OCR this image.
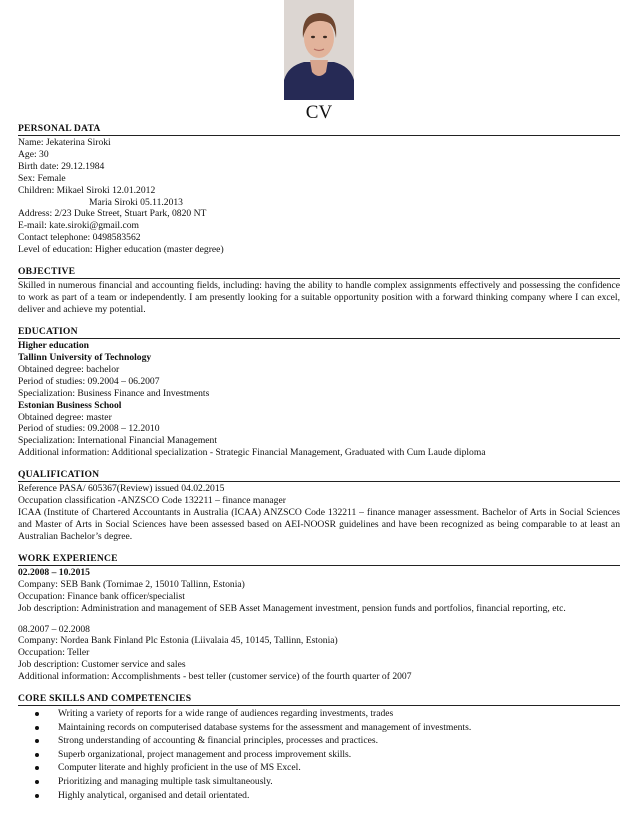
CV
PERSONAL DATA
Name: Jekaterina Siroki
Age: 30
Birth date: 29.12.1984
Sex: Female
Children: Mikael Siroki 12.01.2012
Maria Siroki 05.11.2013
Address: 2/23 Duke Street, Stuart Park, 0820 NT
E-mail: kate.siroki@gmail.com
Contact telephone: 0498583562
Level of education: Higher education (master degree)
OBJECTIVE
Skilled in numerous financial and accounting fields, including: having the ability to handle complex assignments effectively and possessing the confidence to work as part of a team or independently. I am presently looking for a suitable opportunity position with a forward thinking company where I can excel, deliver and achieve my potential.
EDUCATION
Higher education
Tallinn University of Technology
Obtained degree: bachelor
Period of studies: 09.2004 – 06.2007
Specialization: Business Finance and Investments
Estonian Business School
Obtained degree: master
Period of studies: 09.2008 – 12.2010
Specialization: International Financial Management
Additional information: Additional specialization - Strategic Financial Management, Graduated with Cum Laude diploma
QUALIFICATION
Reference PASA/ 605367(Review) issued 04.02.2015
Occupation classification -ANZSCO Code 132211 – finance manager
ICAA (Institute of Chartered Accountants in Australia (ICAA) ANZSCO Code 132211 – finance manager assessment. Bachelor of Arts in Social Sciences and Master of Arts in Social Sciences have been assessed based on AEI-NOOSR guidelines and have been recognized as being comparable to at least an Australian Bachelor’s degree.
WORK EXPERIENCE
02.2008 – 10.2015
Company: SEB Bank (Tornimae 2, 15010 Tallinn, Estonia)
Occupation: Finance bank officer/specialist
Job description: Administration and management of SEB Asset Management investment, pension funds and portfolios, financial reporting, etc.
08.2007 – 02.2008
Company: Nordea Bank Finland Plc Estonia (Liivalaia 45, 10145, Tallinn, Estonia)
Occupation: Teller
Job description: Customer service and sales
Additional information: Accomplishments - best teller (customer service) of the fourth quarter of 2007
CORE SKILLS AND COMPETENCIES
Writing a variety of reports for a wide range of audiences regarding investments, trades
Maintaining records on computerised database systems for the assessment and management of investments.
Strong understanding of accounting & financial principles, processes and practices.
Superb organizational, project management and process improvement skills.
Computer literate and highly proficient in the use of MS Excel.
Prioritizing and managing multiple task simultaneously.
Highly analytical, organised and detail orientated.
